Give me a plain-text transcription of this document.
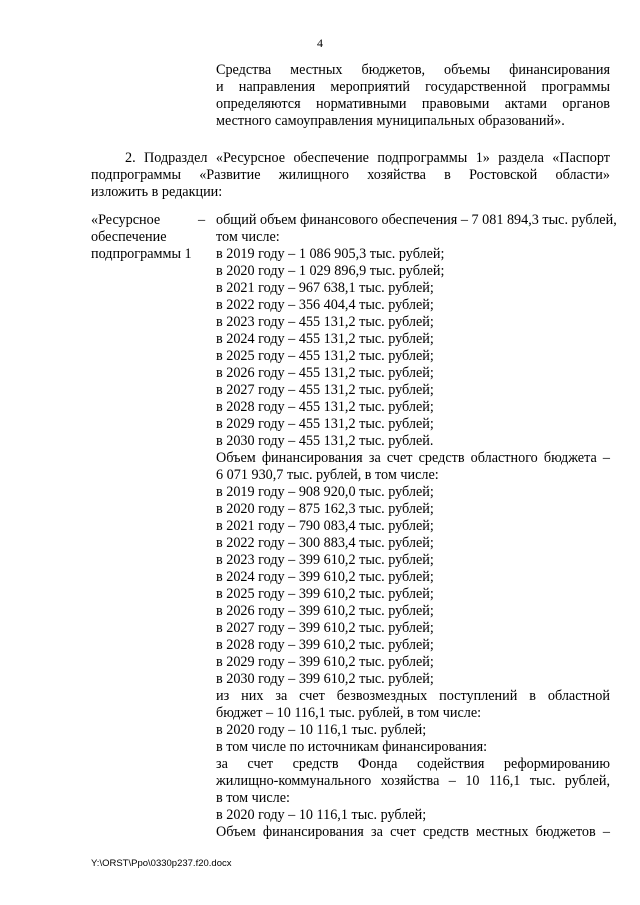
4
Средства местных бюджетов, объемы финансирования
и направления мероприятий государственной программы
определяются нормативными правовыми актами органов
местного самоуправления муниципальных образований».
2. Подраздел «Ресурсное обеспечение подпрограммы 1» раздела «Паспорт
подпрограммы «Развитие жилищного хозяйства в Ростовской области»
изложить в редакции:
«Ресурсное
обеспечение
подпрограммы 1
– общий объем финансового обеспечения – 7 081 894,3 тыс. рублей,
том числе:
в 2019 году – 1 086 905,3 тыс. рублей;
в 2020 году – 1 029 896,9 тыс. рублей;
в 2021 году – 967 638,1 тыс. рублей;
в 2022 году – 356 404,4 тыс. рублей;
в 2023 году – 455 131,2 тыс. рублей;
в 2024 году – 455 131,2 тыс. рублей;
в 2025 году – 455 131,2 тыс. рублей;
в 2026 году – 455 131,2 тыс. рублей;
в 2027 году – 455 131,2 тыс. рублей;
в 2028 году – 455 131,2 тыс. рублей;
в 2029 году – 455 131,2 тыс. рублей;
в 2030 году – 455 131,2 тыс. рублей.
Объем финансирования за счет средств областного бюджета –
6 071 930,7 тыс. рублей, в том числе:
в 2019 году – 908 920,0 тыс. рублей;
в 2020 году – 875 162,3 тыс. рублей;
в 2021 году – 790 083,4 тыс. рублей;
в 2022 году – 300 883,4 тыс. рублей;
в 2023 году – 399 610,2 тыс. рублей;
в 2024 году – 399 610,2 тыс. рублей;
в 2025 году – 399 610,2 тыс. рублей;
в 2026 году – 399 610,2 тыс. рублей;
в 2027 году – 399 610,2 тыс. рублей;
в 2028 году – 399 610,2 тыс. рублей;
в 2029 году – 399 610,2 тыс. рублей;
в 2030 году – 399 610,2 тыс. рублей;
из них за счет безвозмездных поступлений в областной
бюджет – 10 116,1 тыс. рублей, в том числе:
в 2020 году – 10 116,1 тыс. рублей;
в том числе по источникам финансирования:
за счет средств Фонда содействия реформированию
жилищно-коммунального хозяйства – 10 116,1 тыс. рублей,
в том числе:
в 2020 году – 10 116,1 тыс. рублей;
Объем финансирования за счет средств местных бюджетов –
Y:\ORST\Ppo\0330p237.f20.docx
